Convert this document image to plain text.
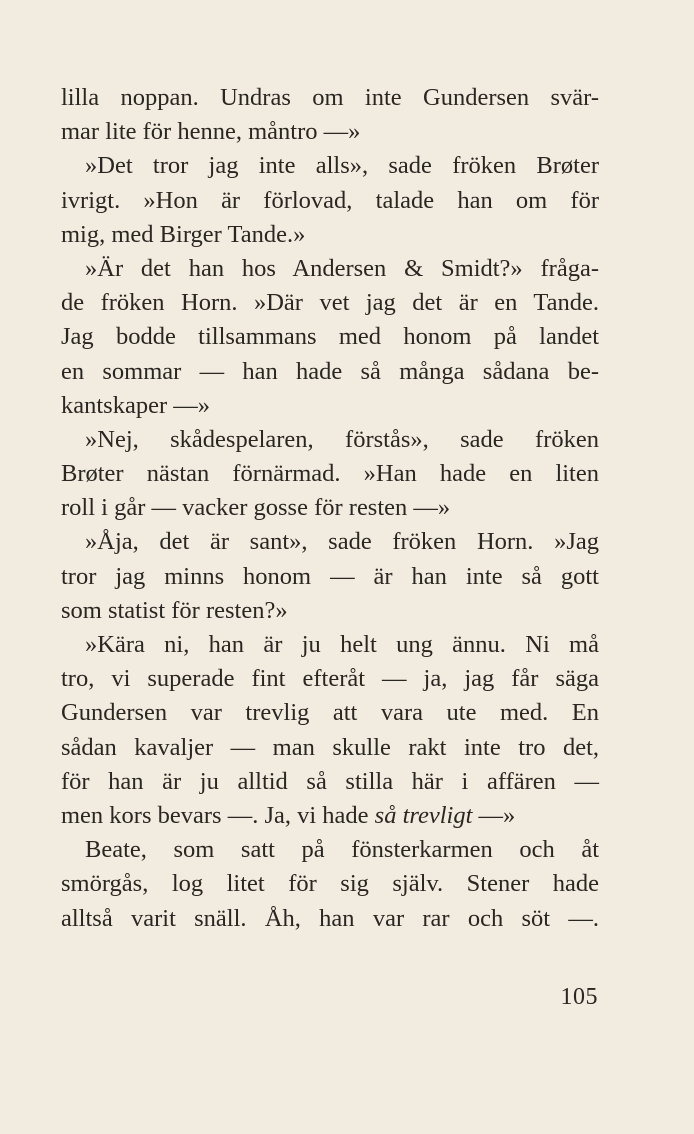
lilla noppan. Undras om inte Gundersen svär-
mar lite för henne, måntro —»
»Det tror jag inte alls», sade fröken Brøter
ivrigt. »Hon är förlovad, talade han om för
mig, med Birger Tande.»
»Är det han hos Andersen & Smidt?» fråga-
de fröken Horn. »Där vet jag det är en Tande.
Jag bodde tillsammans med honom på landet
en sommar — han hade så många sådana be-
kantskaper —»
»Nej, skådespelaren, förstås», sade fröken
Brøter nästan förnärmad. »Han hade en liten
roll i går — vacker gosse för resten —»
»Åja, det är sant», sade fröken Horn. »Jag
tror jag minns honom — är han inte så gott
som statist för resten?»
»Kära ni, han är ju helt ung ännu. Ni må
tro, vi superade fint efteråt — ja, jag får säga
Gundersen var trevlig att vara ute med. En
sådan kavaljer — man skulle rakt inte tro det,
för han är ju alltid så stilla här i affären —
men kors bevars —. Ja, vi hade så trevligt —»
Beate, som satt på fönsterkarmen och åt
smörgås, log litet för sig själv. Stener hade
alltså varit snäll. Åh, han var rar och söt —.
105
